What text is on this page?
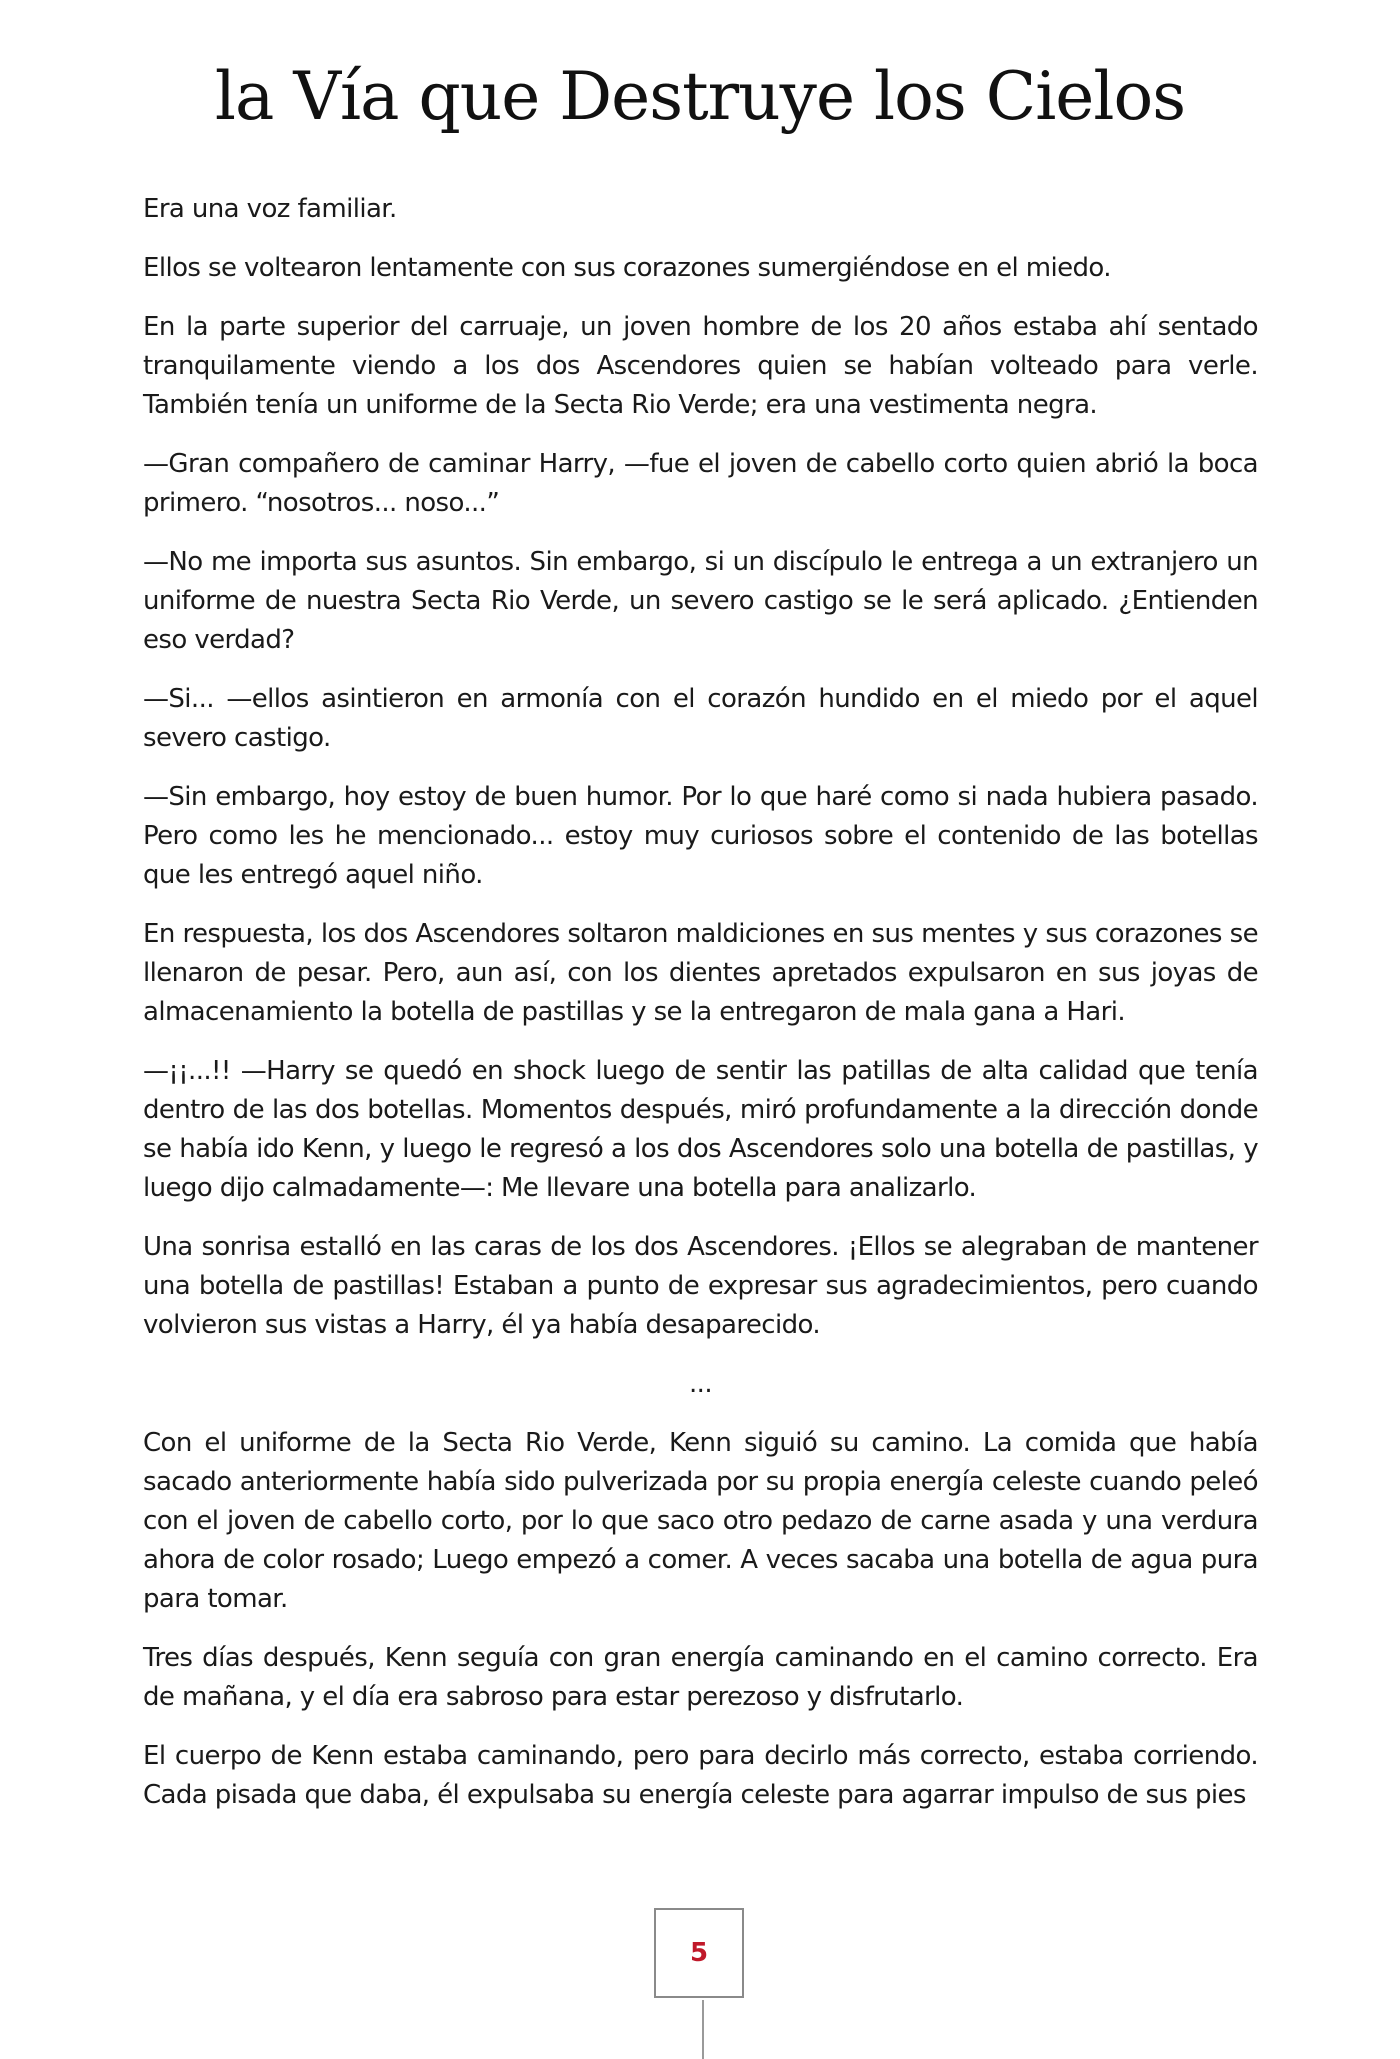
la Vía que Destruye los Cielos

Era una voz familiar.

Ellos se voltearon lentamente con sus corazones sumergiéndose en el miedo.

En la parte superior del carruaje, un joven hombre de los 20 años estaba ahí sentado tranquilamente viendo a los dos Ascendores quien se habían volteado para verle. También tenía un uniforme de la Secta Rio Verde; era una vestimenta negra.

—Gran compañero de caminar Harry, —fue el joven de cabello corto quien abrió la boca primero. “nosotros... noso...”

—No me importa sus asuntos. Sin embargo, si un discípulo le entrega a un extranjero un uniforme de nuestra Secta Rio Verde, un severo castigo se le será aplicado. ¿Entienden eso verdad?

—Si... —ellos asintieron en armonía con el corazón hundido en el miedo por el aquel severo castigo.

—Sin embargo, hoy estoy de buen humor. Por lo que haré como si nada hubiera pasado. Pero como les he mencionado... estoy muy curiosos sobre el contenido de las botellas que les entregó aquel niño.

En respuesta, los dos Ascendores soltaron maldiciones en sus mentes y sus corazones se llenaron de pesar. Pero, aun así, con los dientes apretados expulsaron en sus joyas de almacenamiento la botella de pastillas y se la entregaron de mala gana a Hari.

—¡¡...!! —Harry se quedó en shock luego de sentir las patillas de alta calidad que tenía dentro de las dos botellas. Momentos después, miró profundamente a la dirección donde se había ido Kenn, y luego le regresó a los dos Ascendores solo una botella de pastillas, y luego dijo calmadamente—: Me llevare una botella para analizarlo.

Una sonrisa estalló en las caras de los dos Ascendores. ¡Ellos se alegraban de mantener una botella de pastillas! Estaban a punto de expresar sus agradecimientos, pero cuando volvieron sus vistas a Harry, él ya había desaparecido.

...

Con el uniforme de la Secta Rio Verde, Kenn siguió su camino. La comida que había sacado anteriormente había sido pulverizada por su propia energía celeste cuando peleó con el joven de cabello corto, por lo que saco otro pedazo de carne asada y una verdura ahora de color rosado; Luego empezó a comer. A veces sacaba una botella de agua pura para tomar.

Tres días después, Kenn seguía con gran energía caminando en el camino correcto. Era de mañana, y el día era sabroso para estar perezoso y disfrutarlo.

El cuerpo de Kenn estaba caminando, pero para decirlo más correcto, estaba corriendo. Cada pisada que daba, él expulsaba su energía celeste para agarrar impulso de sus pies

5
